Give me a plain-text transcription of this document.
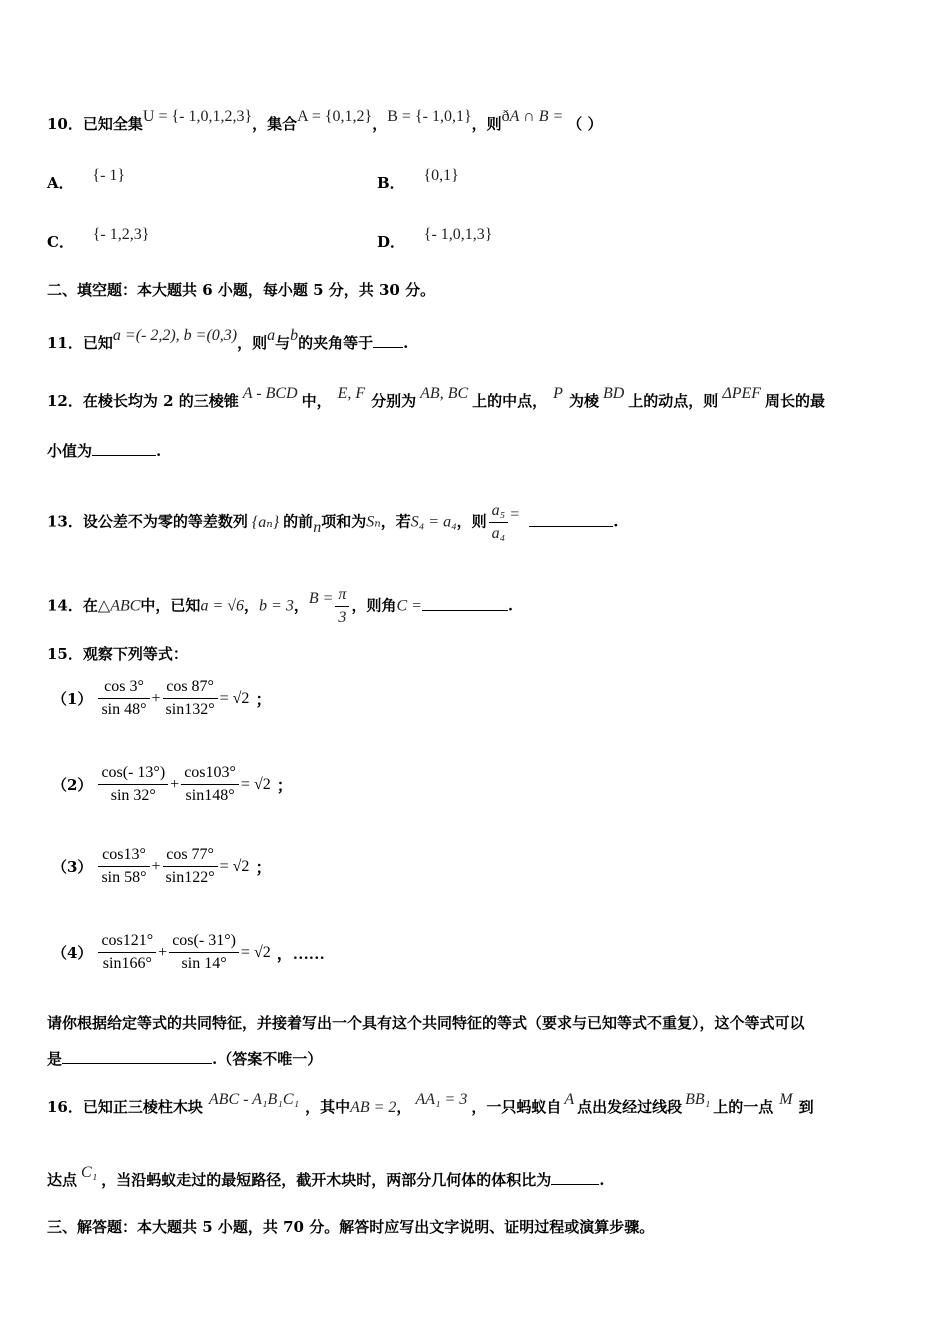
10．已知全集U = {- 1,0,1,2,3}，集合A = {0,1,2}，B = {- 1,0,1}，则ðA ∩ B = （ ）
A． {- 1}	B． {0,1}
C． {- 1,2,3}	D． {- 1,0,1,3}
二、填空题：本大题共 6 小题，每小题 5 分，共 30 分。
11．已知a =(- 2,2), b =(0,3)，则a与b的夹角等于 .
12．在棱长均为 2 的三棱锥 A - BCD 中， E, F 分别为 AB, BC 上的中点， P 为棱 BD 上的动点，则 ΔPEF 周长的最
小值为	.
13．设公差不为零的等差数列 {aₙ} 的前n项和为Sₙ，若S₄ = a₄，则 $\frac{\text{a₅}}{\text{a₄}}$ =	.
14．在△ABC中，已知a = √6，b = 3，$B = \frac{\pi}{3}$ ，则角C =	.
15．观察下列等式：
$(1) \frac{\cos 3^\circ}{\sin 48^\circ} + \frac{\cos 87^\circ}{\sin 132^\circ} = √2$ ；
$(2) \frac{\cos(- 13^\circ)}{\sin 32^\circ} + \frac{\cos 103^\circ}{\sin 148^\circ} = √2$ ；
$(3) \frac{\cos 13^\circ}{\sin 58^\circ} + \frac{\cos 77^\circ}{\sin 122^\circ} = √2$ ；
$(4) \frac{\cos 121^\circ}{\sin 166^\circ} + \frac{\cos(- 31^\circ)}{\sin 14^\circ} = √2$ ，……
请你根据给定等式的共同特征，并接着写出一个具有这个共同特征的等式（要求与已知等式不重复），这个等式可以
是	.（答案不唯一）
16．已知正三棱柱木块 ABC - A₁B₁C₁ ，其中AB = 2， AA₁ = 3 ，一只蚂蚁自 A 点出发经过线段 BB₁ 上的一点 M 到
达点 C₁ ，当沿蚂蚁走过的最短路径，截开木块时，两部分几何体的体积比为	.
三、解答题：本大题共 5 小题，共 70 分。解答时应写出文字说明、证明过程或演算步骤。
